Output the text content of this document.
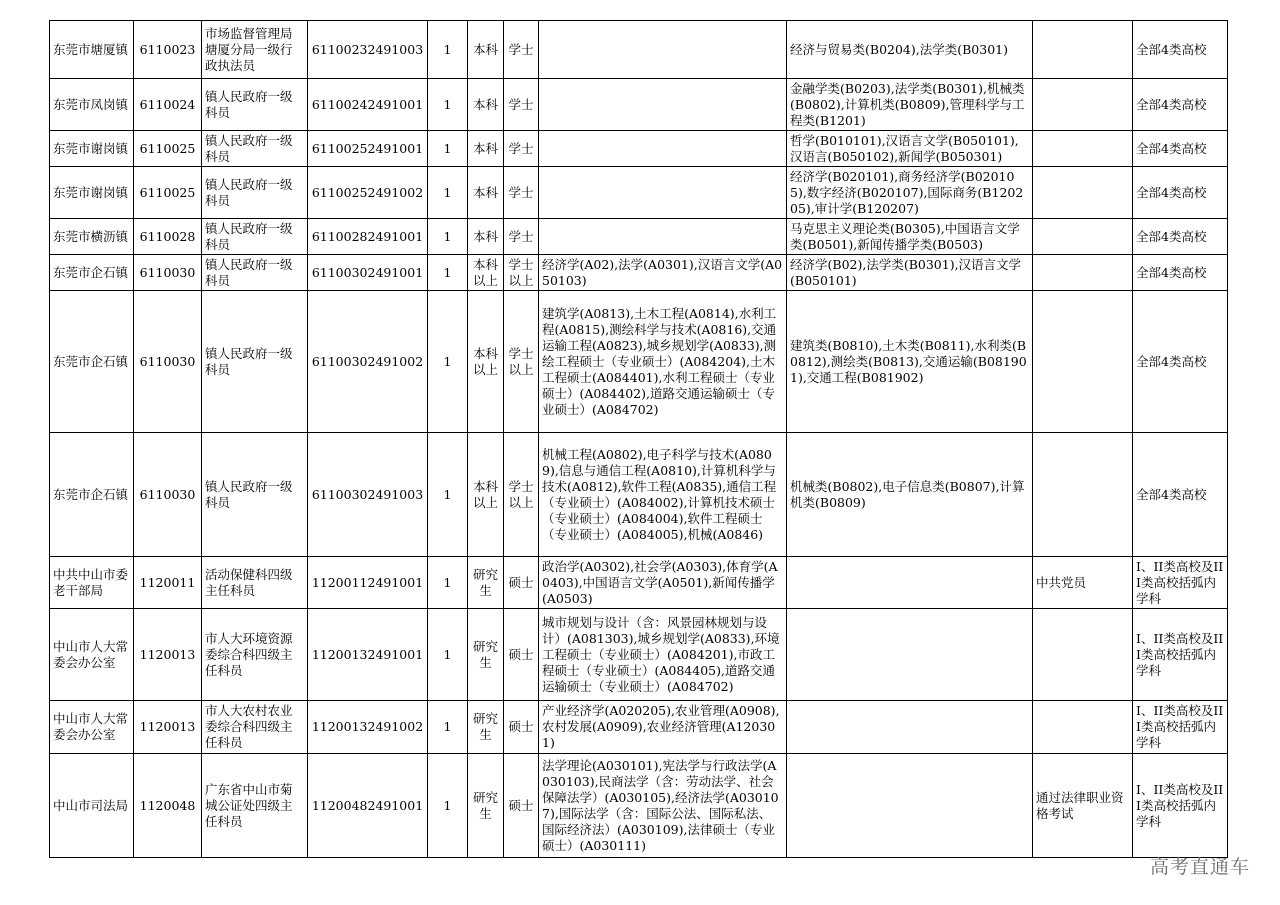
东莞市塘厦镇	6110023	市场监督管理局塘厦分局一级行政执法员	61100232491003	1	本科	学士		经济与贸易类(B0204),法学类(B0301)		全部4类高校
东莞市凤岗镇	6110024	镇人民政府一级科员	61100242491001	1	本科	学士		金融学类(B0203),法学类(B0301),机械类(B0802),计算机类(B0809),管理科学与工程类(B1201)		全部4类高校
东莞市谢岗镇	6110025	镇人民政府一级科员	61100252491001	1	本科	学士		哲学(B010101),汉语言文学(B050101),汉语言(B050102),新闻学(B050301)		全部4类高校
东莞市谢岗镇	6110025	镇人民政府一级科员	61100252491002	1	本科	学士		经济学(B020101),商务经济学(B020105),数字经济(B020107),国际商务(B120205),审计学(B120207)		全部4类高校
东莞市横沥镇	6110028	镇人民政府一级科员	61100282491001	1	本科	学士		马克思主义理论类(B0305),中国语言文学类(B0501),新闻传播学类(B0503)		全部4类高校
东莞市企石镇	6110030	镇人民政府一级科员	61100302491001	1	本科以上	学士以上	经济学(A02),法学(A0301),汉语言文学(A050103)	经济学(B02),法学类(B0301),汉语言文学(B050101)		全部4类高校
东莞市企石镇	6110030	镇人民政府一级科员	61100302491002	1	本科以上	学士以上	建筑学(A0813),土木工程(A0814),水利工程(A0815),测绘科学与技术(A0816),交通运输工程(A0823),城乡规划学(A0833),测绘工程硕士（专业硕士）(A084204),土木工程硕士(A084401),水利工程硕士（专业硕士）(A084402),道路交通运输硕士（专业硕士）(A084702)	建筑类(B0810),土木类(B0811),水利类(B0812),测绘类(B0813),交通运输(B081901),交通工程(B081902)		全部4类高校
东莞市企石镇	6110030	镇人民政府一级科员	61100302491003	1	本科以上	学士以上	机械工程(A0802),电子科学与技术(A0809),信息与通信工程(A0810),计算机科学与技术(A0812),软件工程(A0835),通信工程（专业硕士）(A084002),计算机技术硕士（专业硕士）(A084004),软件工程硕士（专业硕士）(A084005),机械(A0846)	机械类(B0802),电子信息类(B0807),计算机类(B0809)		全部4类高校
中共中山市委老干部局	1120011	活动保健科四级主任科员	11200112491001	1	研究生	硕士	政治学(A0302),社会学(A0303),体育学(A0403),中国语言文学(A0501),新闻传播学(A0503)		中共党员	I、II类高校及III类高校括弧内学科
中山市人大常委会办公室	1120013	市人大环境资源委综合科四级主任科员	11200132491001	1	研究生	硕士	城市规划与设计（含：风景园林规划与设计）(A081303),城乡规划学(A0833),环境工程硕士（专业硕士）(A084201),市政工程硕士（专业硕士）(A084405),道路交通运输硕士（专业硕士）(A084702)			I、II类高校及III类高校括弧内学科
中山市人大常委会办公室	1120013	市人大农村农业委综合科四级主任科员	11200132491002	1	研究生	硕士	产业经济学(A020205),农业管理(A0908),农村发展(A0909),农业经济管理(A120301)			I、II类高校及III类高校括弧内学科
中山市司法局	1120048	广东省中山市菊城公证处四级主任科员	11200482491001	1	研究生	硕士	法学理论(A030101),宪法学与行政法学(A030103),民商法学（含：劳动法学、社会保障法学）(A030105),经济法学(A030107),国际法学（含：国际公法、国际私法、国际经济法）(A030109),法律硕士（专业硕士）(A030111)		通过法律职业资格考试	I、II类高校及III类高校括弧内学科
高考直通车
